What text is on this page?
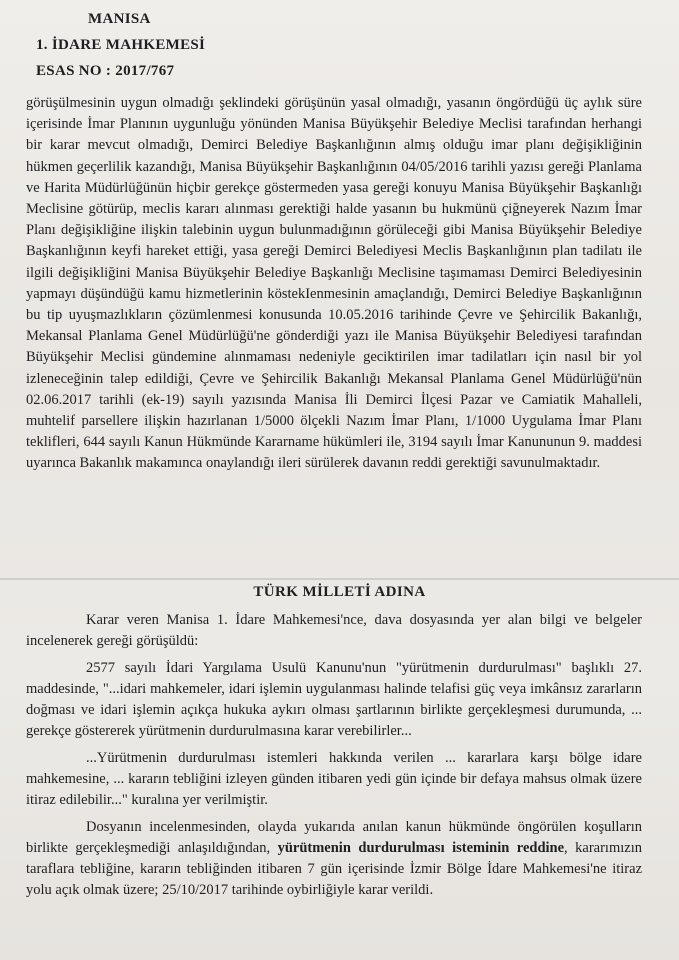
MANISA
1. İDARE MAHKEMESİ
ESAS NO : 2017/767

görüşülmesinin uygun olmadığı şeklindeki görüşünün yasal olmadığı, yasanın öngördüğü üç aylık süre içerisinde İmar Planının uygunluğu yönünden Manisa Büyükşehir Belediye Meclisi tarafından herhangi bir karar mevcut olmadığı, Demirci Belediye Başkanlığının almış olduğu imar planı değişikliğinin hükmen geçerlilik kazandığı, Manisa Büyükşehir Başkanlığının 04/05/2016 tarihli yazısı gereği Planlama ve Harita Müdürlüğünün hiçbir gerekçe göstermeden yasa gereği konuyu Manisa Büyükşehir Başkanlığı Meclisine götürüp, meclis kararı alınması gerektiği halde yasanın bu hukmünü çiğneyerek Nazım İmar Planı değişikliğine ilişkin talebinin uygun bulunmadığının görüleceği gibi Manisa Büyükşehir Belediye Başkanlığının keyfi hareket ettiği, yasa gereği Demirci Belediyesi Meclis Başkanlığının plan tadilatı ile ilgili değişikliğini Manisa Büyükşehir Belediye Başkanlığı Meclisine taşımaması Demirci Belediyesinin yapmayı düşündüğü kamu hizmetlerinin köstekIenmesinin amaçlandığı, Demirci Belediye Başkanlığının bu tip uyuşmazlıkların çözümlenmesi konusunda 10.05.2016 tarihinde Çevre ve Şehircilik Bakanlığı, Mekansal Planlama Genel Müdürlüğü'ne gönderdiği yazı ile Manisa Büyükşehir Belediyesi tarafından Büyükşehir Meclisi gündemine alınmaması nedeniyle geciktirilen imar tadilatları için nasıl bir yol izleneceğinin talep edildiği, Çevre ve Şehircilik Bakanlığı Mekansal Planlama Genel Müdürlüğü'nün 02.06.2017 tarihli (ek-19) sayılı yazısında Manisa İli Demirci İlçesi Pazar ve Camiatik Mahalleli, muhtelif parsellere ilişkin hazırlanan 1/5000 ölçekli Nazım İmar Planı, 1/1000 Uygulama İmar Planı teklifleri, 644 sayılı Kanun Hükmünde Kararname hükümleri ile, 3194 sayılı İmar Kanununun 9. maddesi uyarınca Bakanlık makamınca onaylandığı ileri sürülerek davanın reddi gerektiği savunulmaktadır.

TÜRK MİLLETİ ADINA

Karar veren Manisa 1. İdare Mahkemesi'nce, dava dosyasında yer alan bilgi ve belgeler incelenerek gereği görüşüldü:

2577 sayılı İdari Yargılama Usulü Kanunu'nun "yürütmenin durdurulması" başlıklı 27. maddesinde, "...idari mahkemeler, idari işlemin uygulanması halinde telafisi güç veya imkânsız zararların doğması ve idari işlemin açıkça hukuka aykırı olması şartlarının birlikte gerçekleşmesi durumunda, ... gerekçe göstererek yürütmenin durdurulmasına karar verebilirler...

...Yürütmenin durdurulması istemleri hakkında verilen ... kararlara karşı bölge idare mahkemesine, ... kararın tebliğini izleyen günden itibaren yedi gün içinde bir defaya mahsus olmak üzere itiraz edilebilir..." kuralına yer verilmiştir.

Dosyanın incelenmesinden, olayda yukarıda anılan kanun hükmünde öngörülen koşulların birlikte gerçekleşmediği anlaşıldığından, yürütmenin durdurulması isteminin reddine, kararımızın taraflara tebliğine, kararın tebliğinden itibaren 7 gün içerisinde İzmir Bölge İdare Mahkemesi'ne itiraz yolu açık olmak üzere; 25/10/2017 tarihinde oybirliğiyle karar verildi.
